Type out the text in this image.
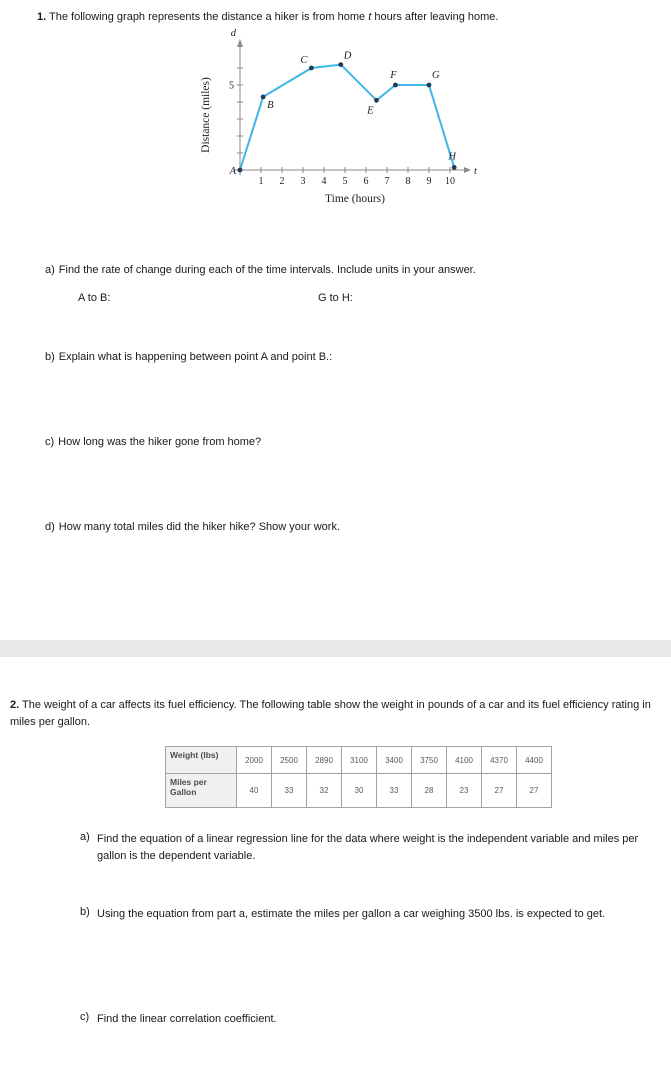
1. The following graph represents the distance a hiker is from home t hours after leaving home.
1 2 3 4 5 6 7 8 9 10
5
d
t
Distance (miles)
Time (hours)
A
B
C	D
E
F	G
H
a) Find the rate of change during each of the time intervals. Include units in your answer.
A to B:	G to H:
b) Explain what is happening between point A and point B.:
c) How long was the hiker gone from home?
d) How many total miles did the hiker hike? Show your work.
2. The weight of a car affects its fuel efficiency. The following table show the weight in pounds of a car and its fuel efficiency rating in miles per gallon.
Weight (lbs)	2000	2500	2890	3100	3400	3750	4100	4370	4400
Miles per Gallon	40	33	32	30	33	28	23	27	27
a) Find the equation of a linear regression line for the data where weight is the independent variable and miles per gallon is the dependent variable.
b) Using the equation from part a, estimate the miles per gallon a car weighing 3500 lbs. is expected to get.
c) Find the linear correlation coefficient.
